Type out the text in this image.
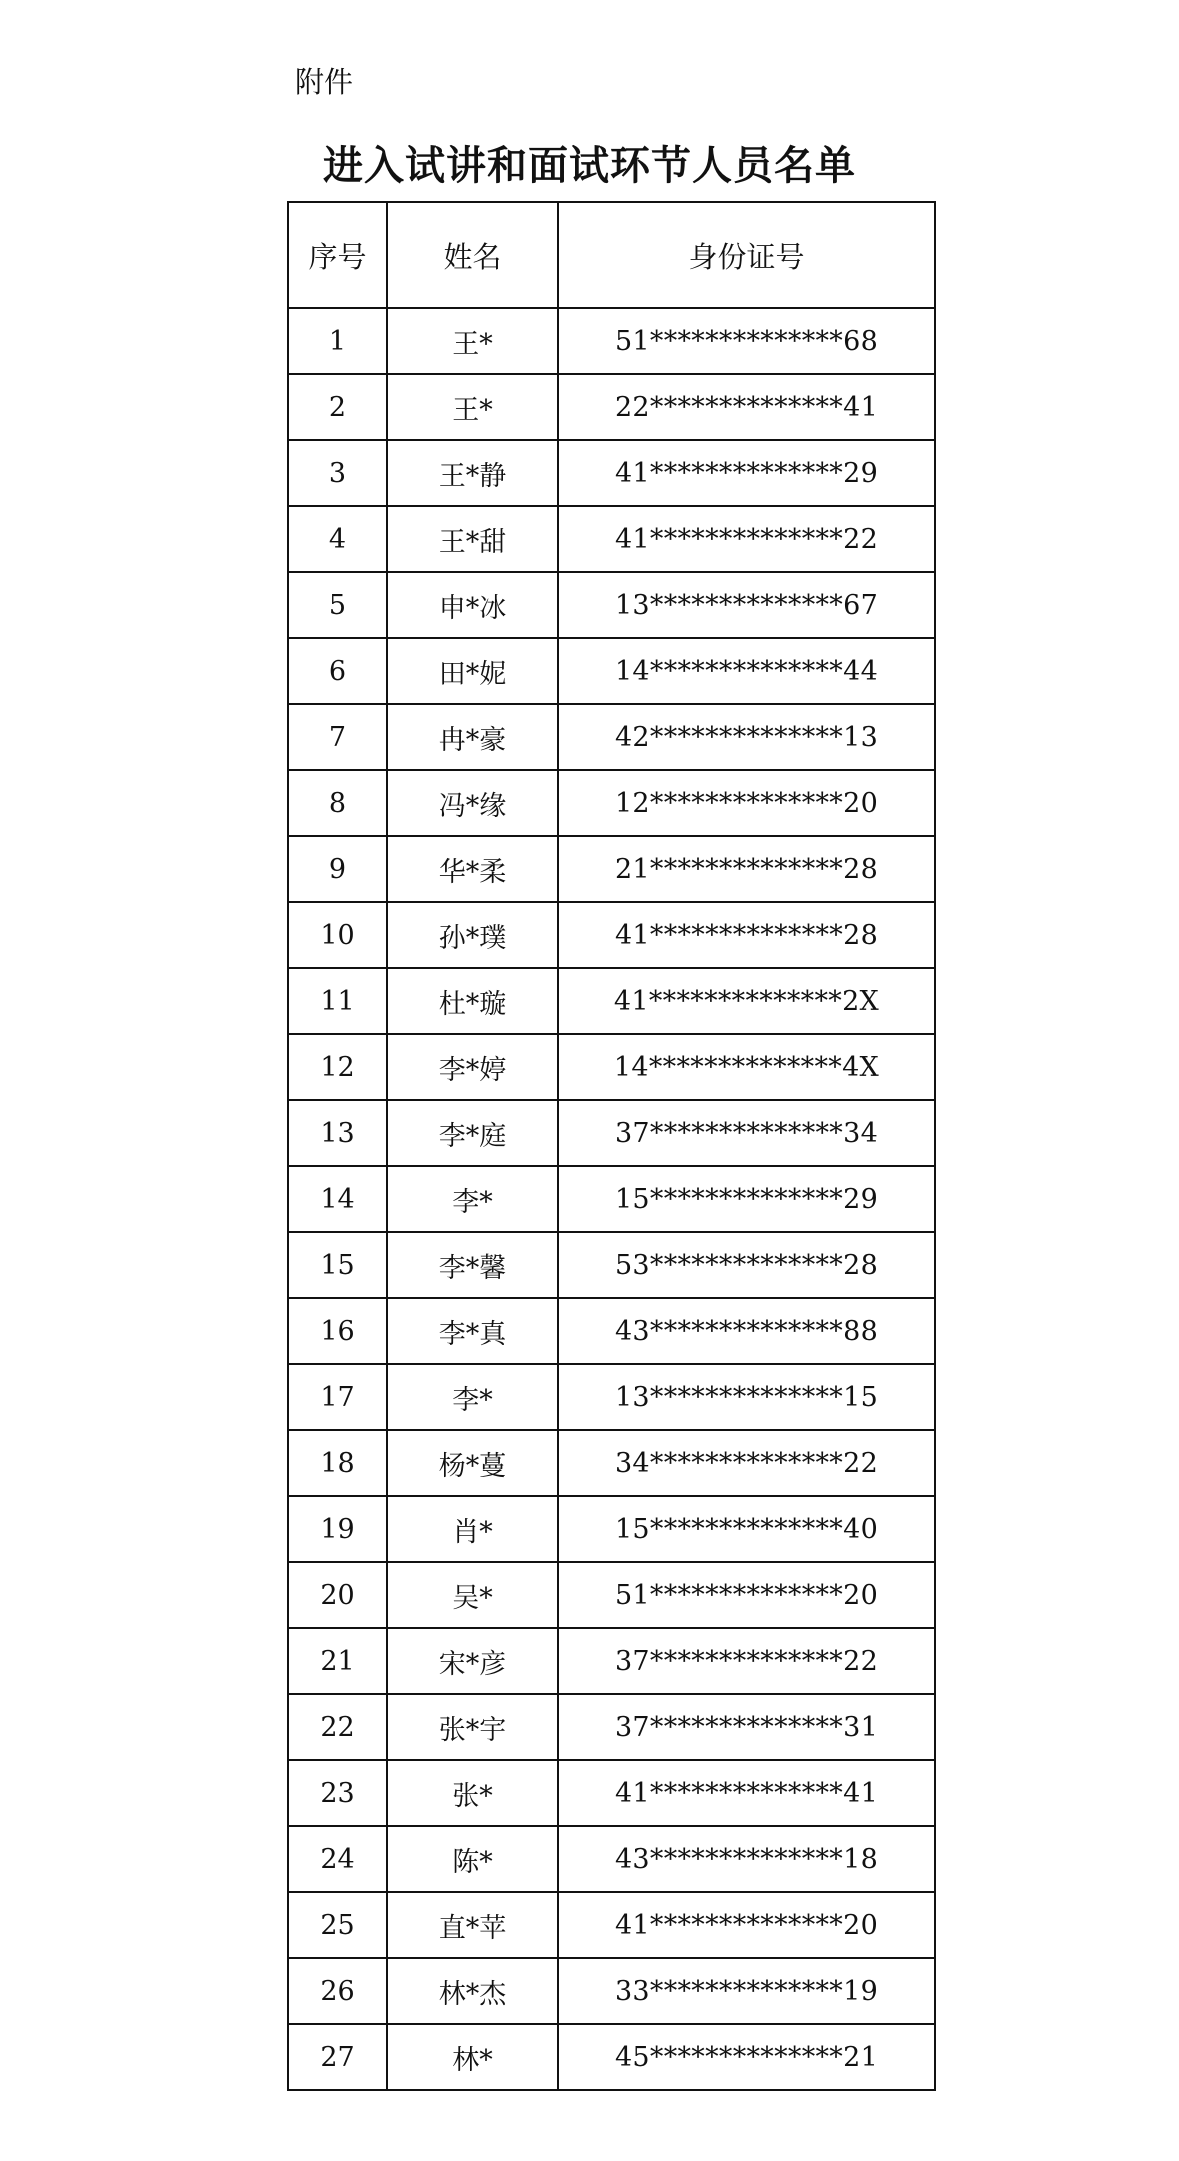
附件
进入试讲和面试环节人员名单
序号	姓名	身份证号
1	王*	51**************68
2	王*	22**************41
3	王*静	41**************29
4	王*甜	41**************22
5	申*冰	13**************67
6	田*妮	14**************44
7	冉*豪	42**************13
8	冯*缘	12**************20
9	华*柔	21**************28
10	孙*璞	41**************28
11	杜*璇	41**************2X
12	李*婷	14**************4X
13	李*庭	37**************34
14	李*	15**************29
15	李*馨	53**************28
16	李*真	43**************88
17	李*	13**************15
18	杨*蔓	34**************22
19	肖*	15**************40
20	吴*	51**************20
21	宋*彦	37**************22
22	张*宇	37**************31
23	张*	41**************41
24	陈*	43**************18
25	直*苹	41**************20
26	林*杰	33**************19
27	林*	45**************21
